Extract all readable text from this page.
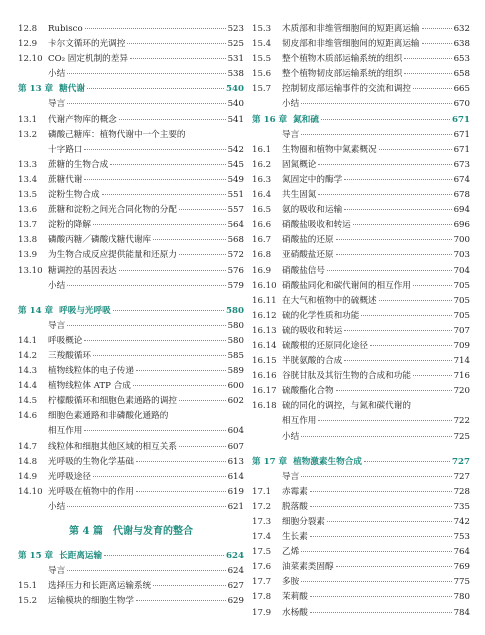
12.8	Rubisco	523
12.9	卡尔文循环的光调控	525
12.10 CO₂ 固定机制的差异	531
小结	538
第 13 章 糖代谢	540
导言	540
13.1	代谢产物库的概念	541
13.2	磷酸己糖库：植物代谢中一个主要的
十字路口	542
13.3	蔗糖的生物合成	545
13.4	蔗糖代谢	549
13.5	淀粉生物合成	551
13.6	蔗糖和淀粉之间光合同化物的分配	557
13.7	淀粉的降解	564
13.8	磷酸丙糖／磷酸戊糖代谢库	568
13.9	为生物合成反应提供能量和还原力	572
13.10 糖调控的基因表达	576
小结	579
第 14 章 呼吸与光呼吸	580
导言	580
14.1	呼吸概论	580
14.2	三羧酸循环	585
14.3	植物线粒体的电子传递	589
14.4	植物线粒体 ATP 合成	600
14.5	柠檬酸循环和细胞色素通路的调控	602
14.6	细胞色素通路和非磷酸化通路的
相互作用	604
14.7	线粒体和细胞其他区域的相互关系	607
14.8	光呼吸的生物化学基础	613
14.9	光呼吸途径	614
14.10 光呼吸在植物中的作用	619
小结	621
第 4 篇 代谢与发育的整合
第 15 章 长距离运输	624
导言	624
15.1	选择压力和长距离运输系统	627
15.2	运输模块的细胞生物学	629
15.3	木质部和非维管细胞间的短距离运输	632
15.4	韧皮部和非维管细胞间的短距离运输	638
15.5	整个植物木质部运输系统的组织	653
15.6	整个植物韧皮部运输系统的组织	658
15.7	控制韧皮部运输事件的交流和调控	665
小结	670
第 16 章 氮和硫	671
导言	671
16.1	生物圈和植物中氮素概况	671
16.2	固氮概论	673
16.3	氮固定中的酶学	674
16.4	共生固氮	678
16.5	氨的吸收和运输	694
16.6	硝酸盐吸收和转运	696
16.7	硝酸盐的还原	700
16.8	亚硝酸盐还原	703
16.9	硝酸盐信号	704
16.10 硝酸盐同化和碳代谢间的相互作用	705
16.11 在大气和植物中的硫概述	705
16.12 硫的化学性质和功能	705
16.13 硫的吸收和转运	707
16.14 硫酸根的还原同化途径	709
16.15 半胱氨酸的合成	714
16.16 谷胱甘肽及其衍生物的合成和功能	716
16.17 硫酸酯化合物	720
16.18 硫的同化的调控，与氮和碳代谢的
相互作用	722
小结	725
第 17 章 植物激素生物合成	727
导言	727
17.1	赤霉素	728
17.2	脱落酸	735
17.3	细胞分裂素	742
17.4	生长素	753
17.5	乙烯	764
17.6	油菜素类固醇	769
17.7	多胺	775
17.8	茉莉酸	780
17.9	水杨酸	784
